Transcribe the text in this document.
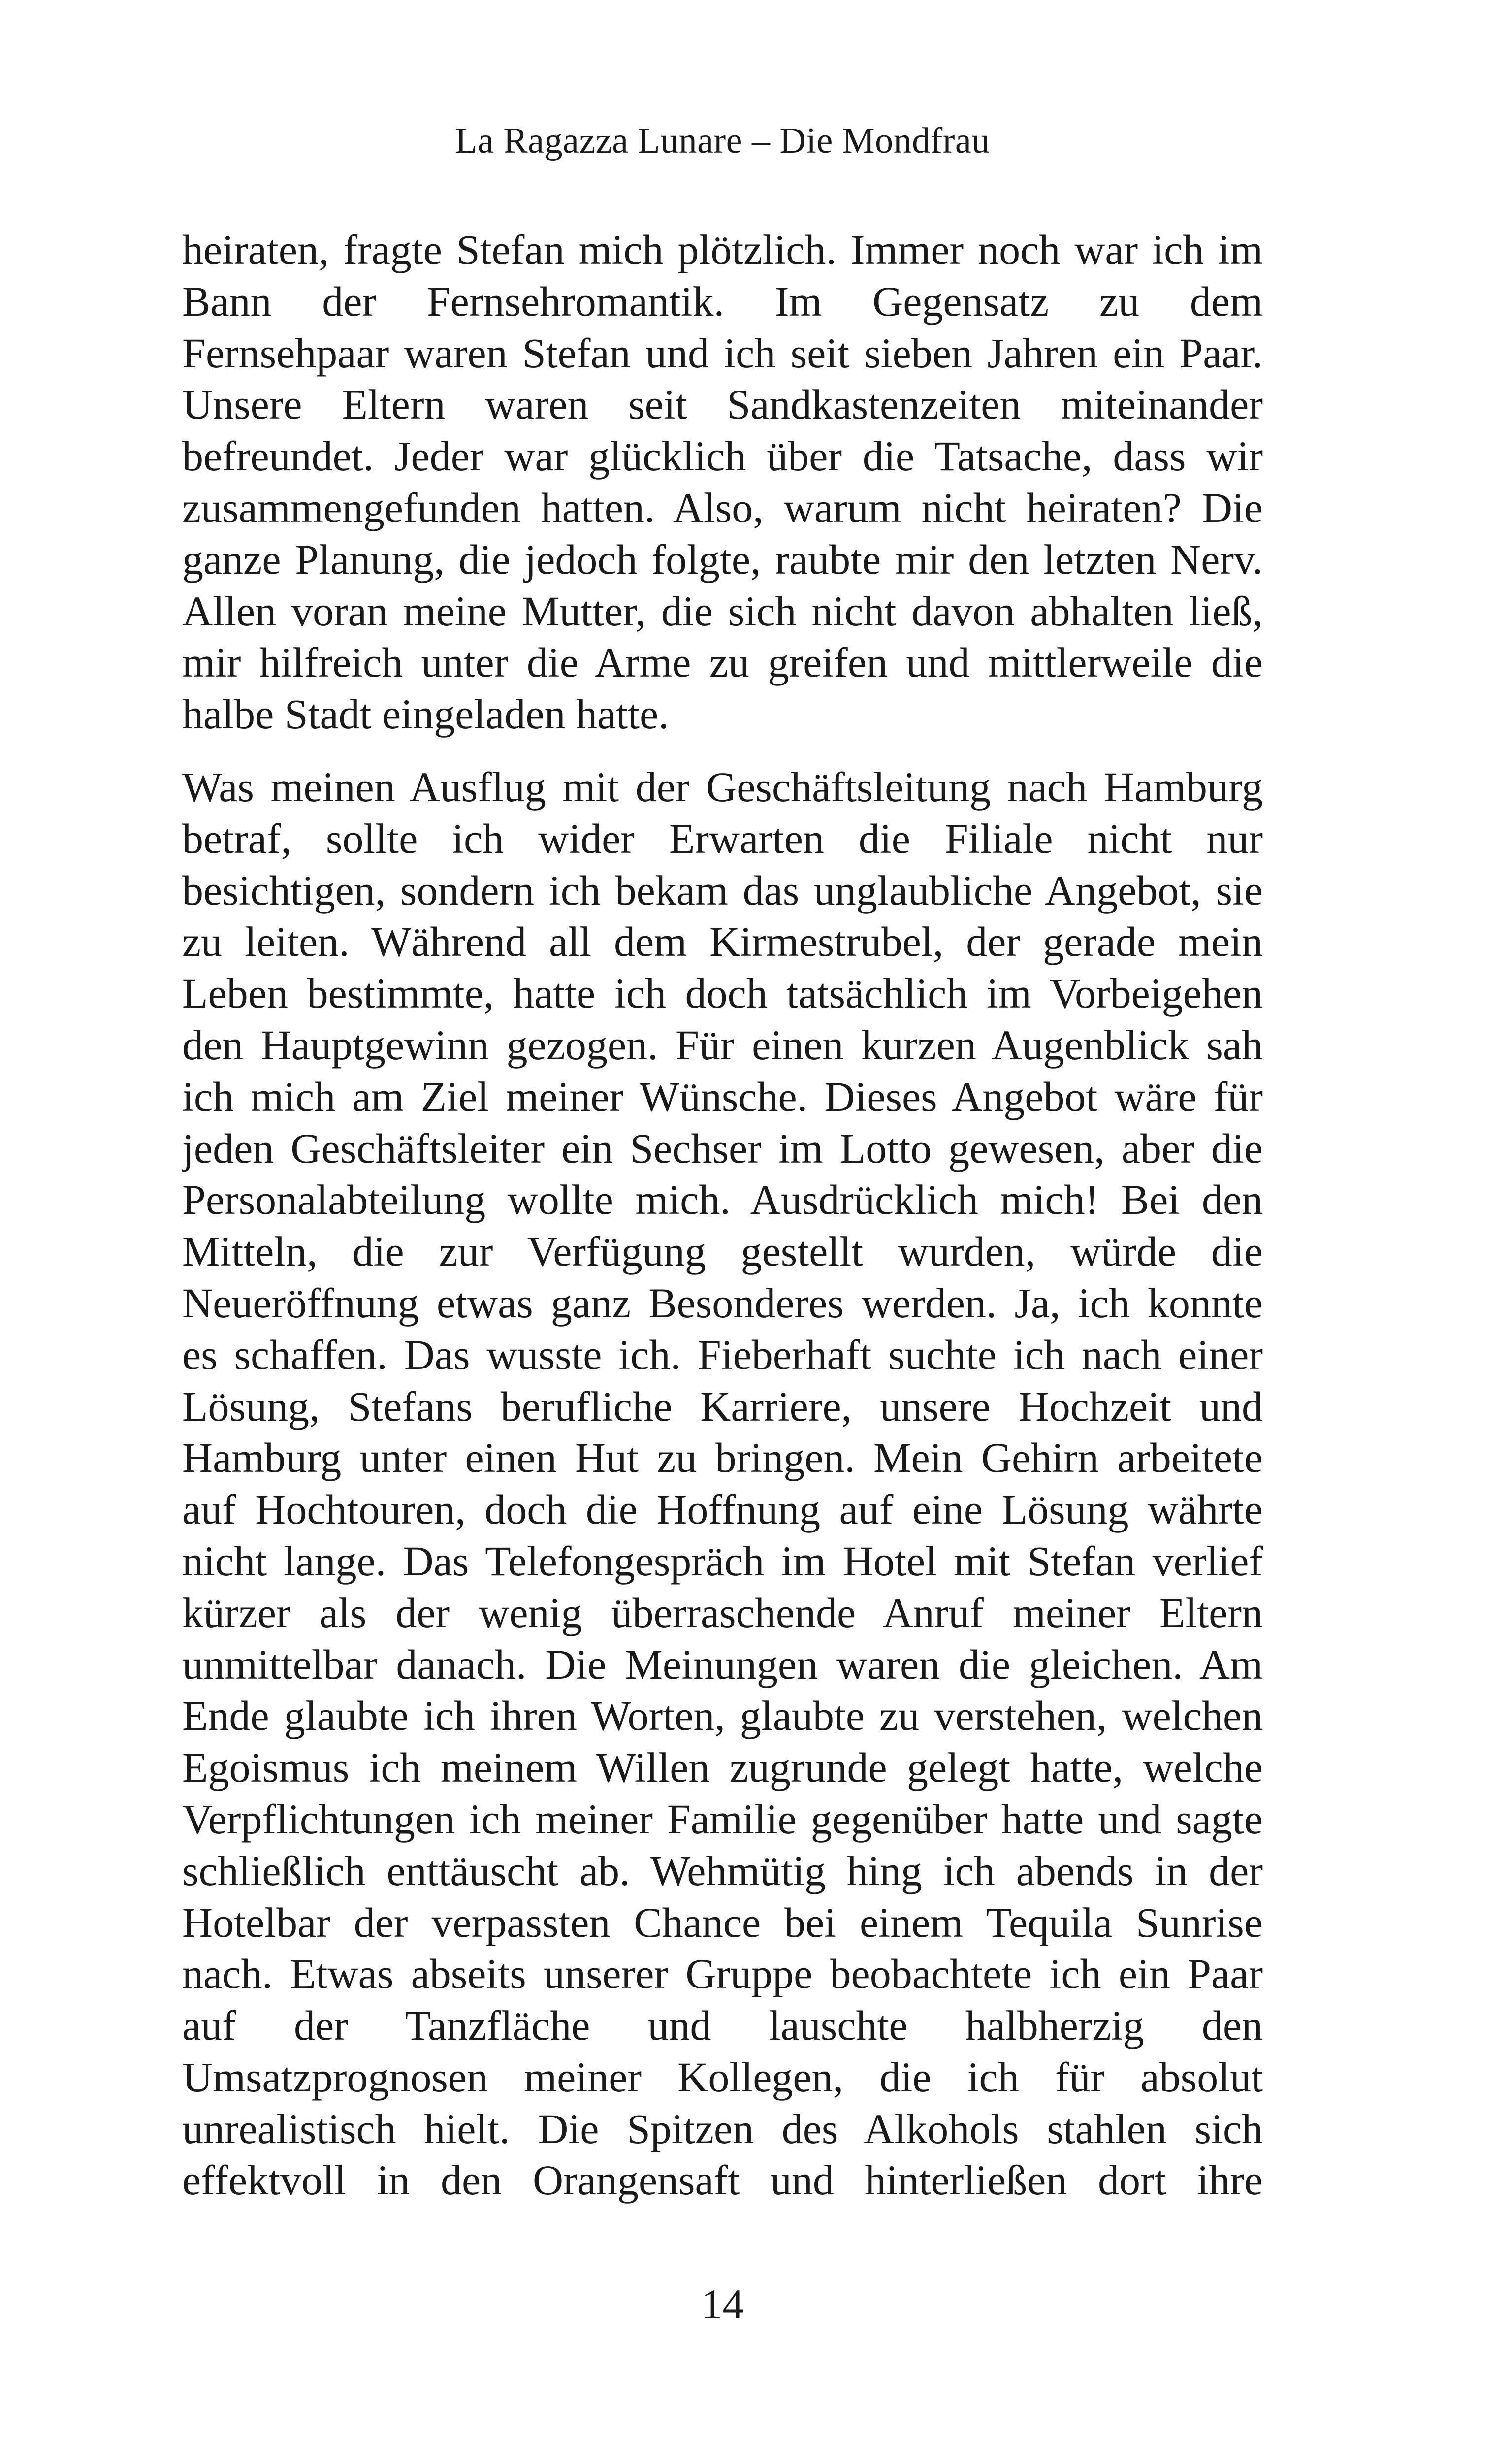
La Ragazza Lunare – Die Mondfrau
heiraten, fragte Stefan mich plötzlich. Immer noch war ich im
Bann der Fernsehromantik. Im Gegensatz zu dem
Fernsehpaar waren Stefan und ich seit sieben Jahren ein Paar.
Unsere Eltern waren seit Sandkastenzeiten miteinander
befreundet. Jeder war glücklich über die Tatsache, dass wir
zusammengefunden hatten. Also, warum nicht heiraten? Die
ganze Planung, die jedoch folgte, raubte mir den letzten Nerv.
Allen voran meine Mutter, die sich nicht davon abhalten ließ,
mir hilfreich unter die Arme zu greifen und mittlerweile die
halbe Stadt eingeladen hatte.
Was meinen Ausflug mit der Geschäftsleitung nach Hamburg
betraf, sollte ich wider Erwarten die Filiale nicht nur
besichtigen, sondern ich bekam das unglaubliche Angebot, sie
zu leiten. Während all dem Kirmestrubel, der gerade mein
Leben bestimmte, hatte ich doch tatsächlich im Vorbeigehen
den Hauptgewinn gezogen. Für einen kurzen Augenblick sah
ich mich am Ziel meiner Wünsche. Dieses Angebot wäre für
jeden Geschäftsleiter ein Sechser im Lotto gewesen, aber die
Personalabteilung wollte mich. Ausdrücklich mich! Bei den
Mitteln, die zur Verfügung gestellt wurden, würde die
Neueröffnung etwas ganz Besonderes werden. Ja, ich konnte
es schaffen. Das wusste ich. Fieberhaft suchte ich nach einer
Lösung, Stefans berufliche Karriere, unsere Hochzeit und
Hamburg unter einen Hut zu bringen. Mein Gehirn arbeitete
auf Hochtouren, doch die Hoffnung auf eine Lösung währte
nicht lange. Das Telefongespräch im Hotel mit Stefan verlief
kürzer als der wenig überraschende Anruf meiner Eltern
unmittelbar danach. Die Meinungen waren die gleichen. Am
Ende glaubte ich ihren Worten, glaubte zu verstehen, welchen
Egoismus ich meinem Willen zugrunde gelegt hatte, welche
Verpflichtungen ich meiner Familie gegenüber hatte und sagte
schließlich enttäuscht ab. Wehmütig hing ich abends in der
Hotelbar der verpassten Chance bei einem Tequila Sunrise
nach. Etwas abseits unserer Gruppe beobachtete ich ein Paar
auf der Tanzfläche und lauschte halbherzig den
Umsatzprognosen meiner Kollegen, die ich für absolut
unrealistisch hielt. Die Spitzen des Alkohols stahlen sich
effektvoll in den Orangensaft und hinterließen dort ihre
14
